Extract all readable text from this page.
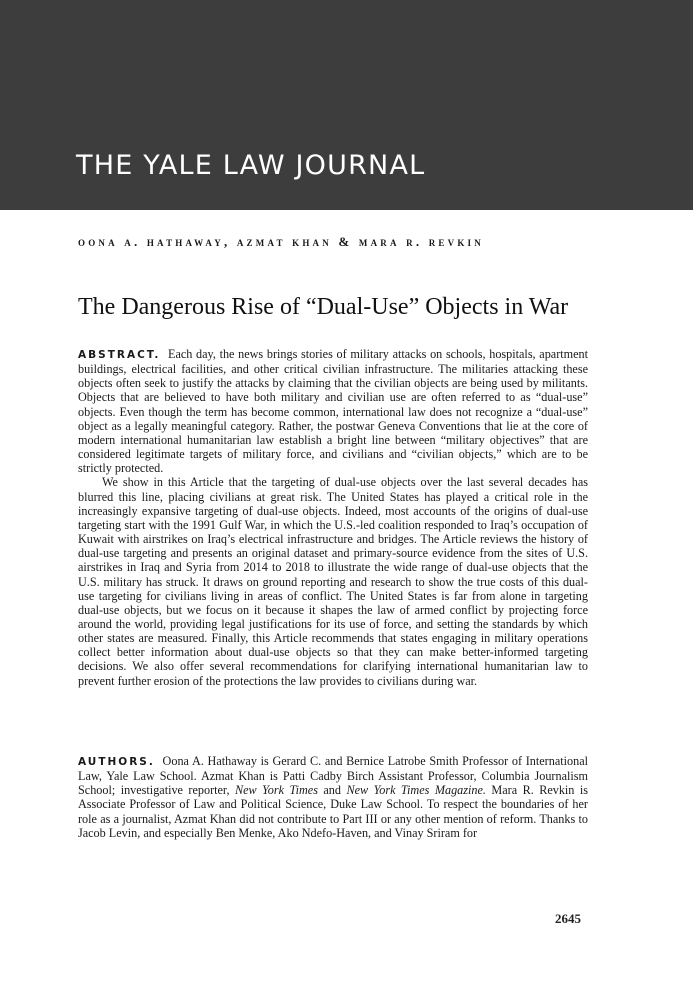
THE YALE LAW JOURNAL
oona a. hathaway, azmat khan & mara r. revkin
The Dangerous Rise of “Dual-Use” Objects in War

ABSTRACT. Each day, the news brings stories of military attacks on schools, hospitals, apartment buildings, electrical facilities, and other critical civilian infrastructure. The militaries attacking these objects often seek to justify the attacks by claiming that the civilian objects are being used by militants. Objects that are believed to have both military and civilian use are often referred to as “dual-use” objects. Even though the term has become common, international law does not recognize a “dual-use” object as a legally meaningful category. Rather, the postwar Geneva Conventions that lie at the core of modern international humanitarian law establish a bright line between “military objectives” that are considered legitimate targets of military force, and civilians and “civilian objects,” which are to be strictly protected.

We show in this Article that the targeting of dual-use objects over the last several decades has blurred this line, placing civilians at great risk. The United States has played a critical role in the increasingly expansive targeting of dual-use objects. Indeed, most accounts of the origins of dual-use targeting start with the 1991 Gulf War, in which the U.S.-led coalition responded to Iraq’s occupation of Kuwait with airstrikes on Iraq’s electrical infrastructure and bridges. The Article reviews the history of dual-use targeting and presents an original dataset and primary-source evidence from the sites of U.S. airstrikes in Iraq and Syria from 2014 to 2018 to illustrate the wide range of dual-use objects that the U.S. military has struck. It draws on ground reporting and research to show the true costs of this dual-use targeting for civilians living in areas of conflict. The United States is far from alone in targeting dual-use objects, but we focus on it because it shapes the law of armed conflict by projecting force around the world, providing legal justifications for its use of force, and setting the standards by which other states are measured. Finally, this Article recommends that states engaging in military operations collect better information about dual-use objects so that they can make better-informed targeting decisions. We also offer several recommendations for clarifying international humanitarian law to prevent further erosion of the protections the law provides to civilians during war.

AUTHORS. Oona A. Hathaway is Gerard C. and Bernice Latrobe Smith Professor of International Law, Yale Law School. Azmat Khan is Patti Cadby Birch Assistant Professor, Columbia Journalism School; investigative reporter, New York Times and New York Times Magazine. Mara R. Revkin is Associate Professor of Law and Political Science, Duke Law School. To respect the boundaries of her role as a journalist, Azmat Khan did not contribute to Part III or any other mention of reform. Thanks to Jacob Levin, and especially Ben Menke, Ako Ndefo-Haven, and Vinay Sriram for

2645
